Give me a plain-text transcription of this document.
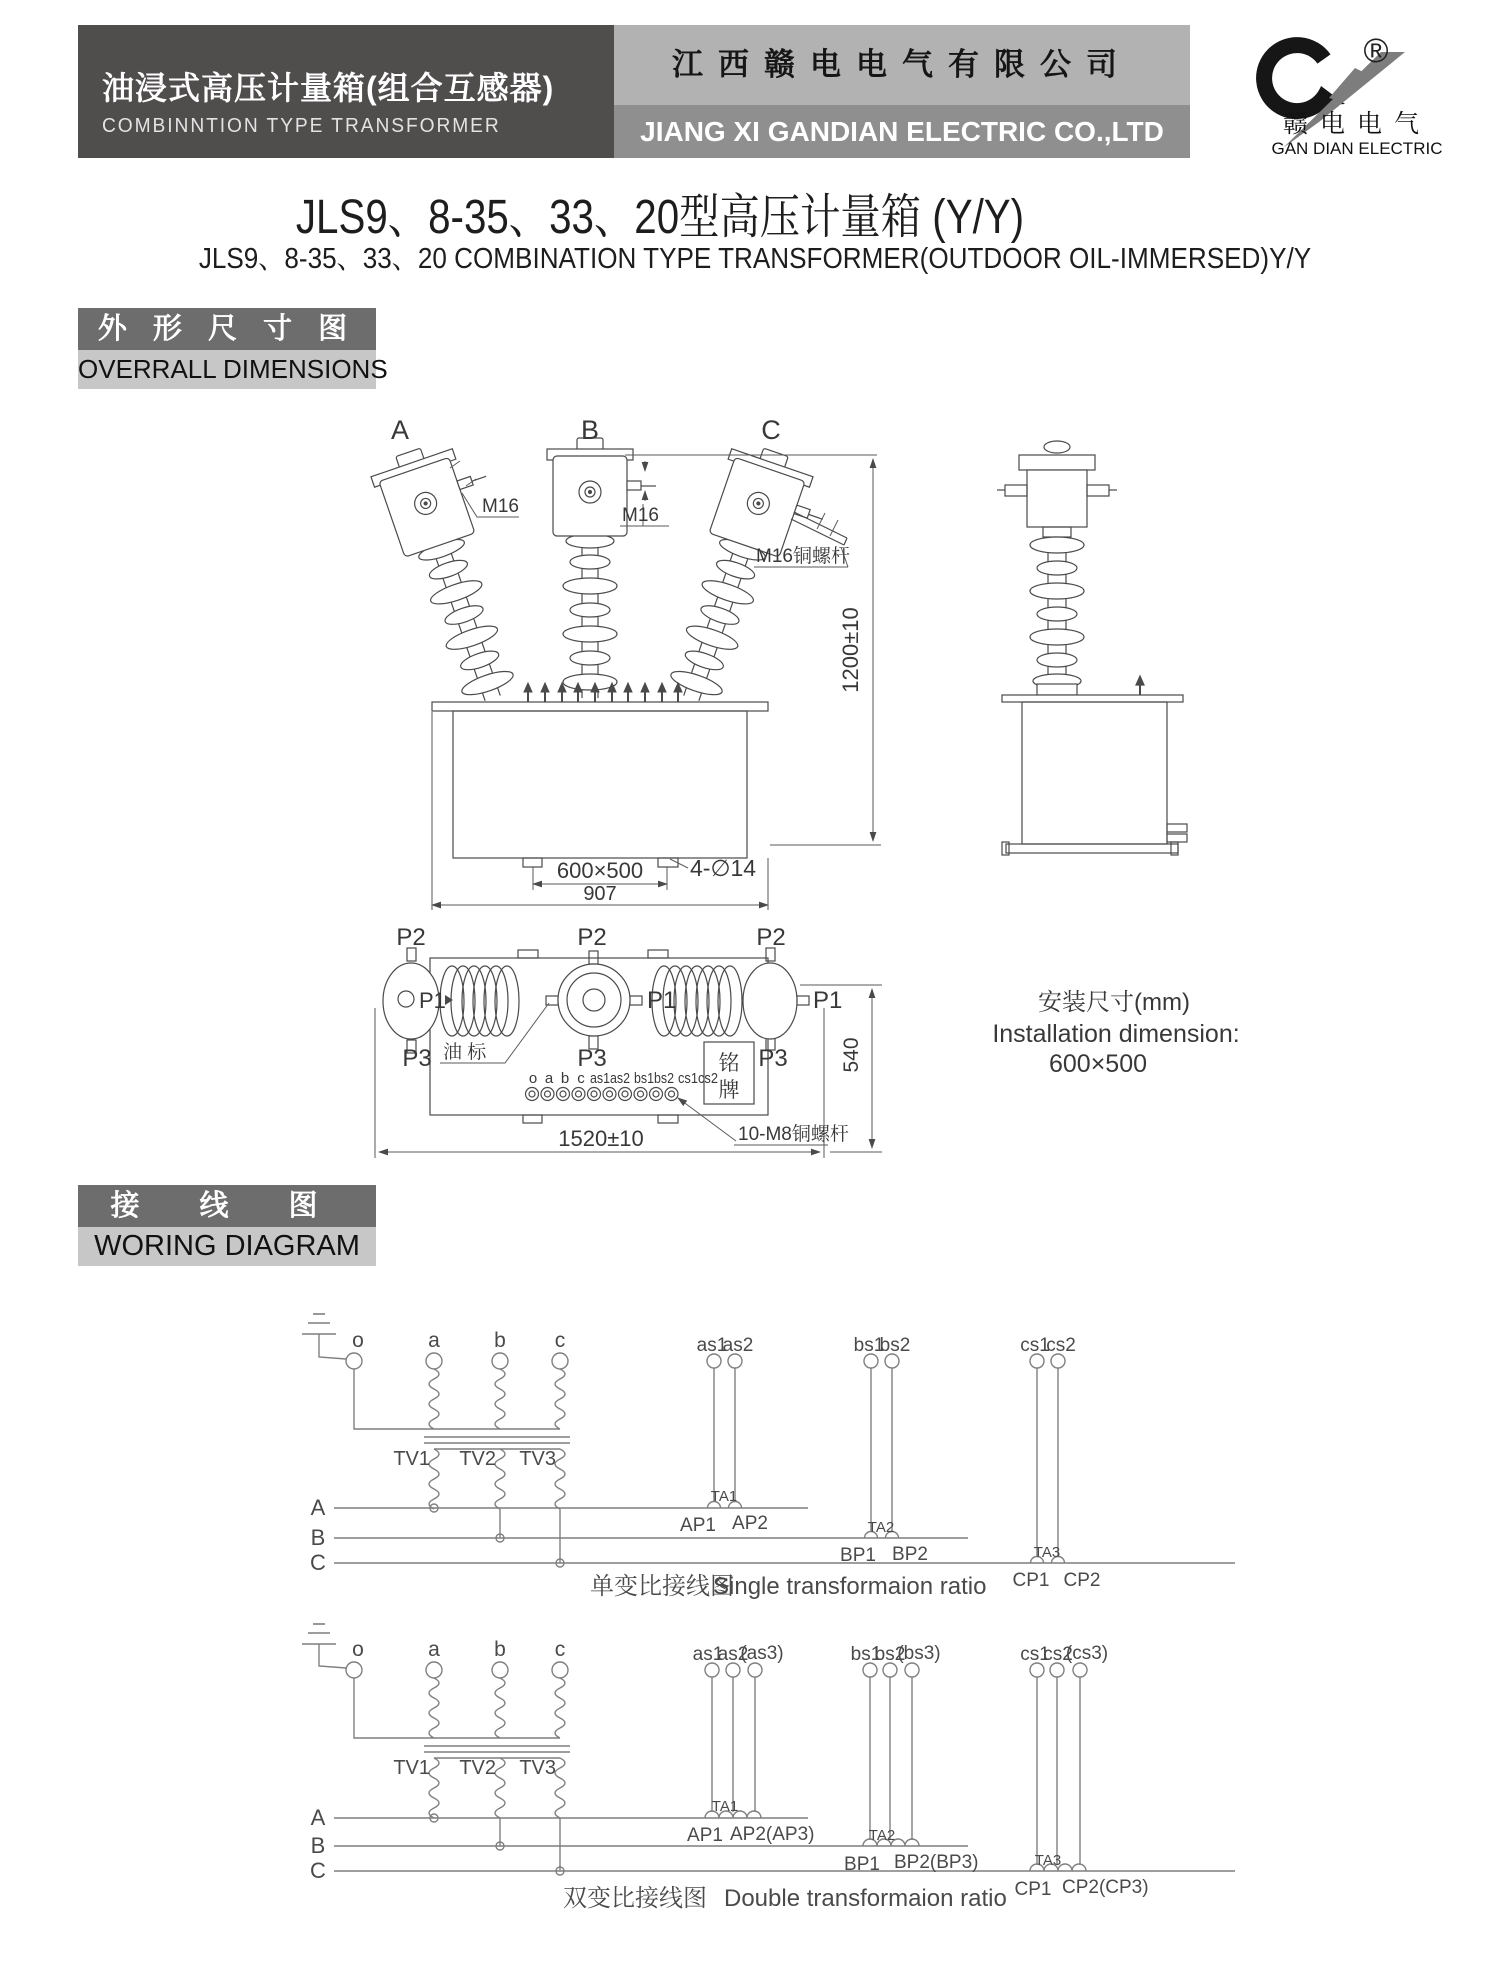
油浸式高压计量箱(组合互感器)
COMBINNTION TYPE TRANSFORMER
江西赣电电气有限公司
JIANG XI GANDIAN ELECTRIC CO.,LTD
®
赣电电气
GAN DIAN ELECTRIC
JLS9、8-35、33、20型高压计量箱 (Y/Y)
JLS9、8-35、33、20 COMBINATION TYPE TRANSFORMER(OUTDOOR OIL-IMMERSED)Y/Y
外 形 尺 寸 图
OVERRALL DIMENSIONS
接 线 图
WORING DIAGRAM
A	B	C
M16	M16
M16铜螺杆
1200±10
600×500
907
4-∅14
P2	P2	P2
P1	P1	P1
P3	P3	P3
油 标	铭
牌
o a b c as1as2 bs1bs2 cs1cs2
540
1520±10	10-M8铜螺杆
安装尺寸(mm)
Installation dimension:
600×500
o	a	b c
TV1 TV2 TV3
A
B
C
as1
as2
TA1
AP1 AP2
bs1
bs2
TA2
BP1 BP2
cs1
cs2
TA3
CP1 CP2
单变比接线图
Single transformaion ratio
o	a	b c
TV1 TV2 TV3
A
B
C
as1
as2
(as3)
TA1
AP1 AP2(AP3)
bs1
bs2
(bs3)
TA2
BP1 BP2(BP3)
cs1
cs2
(cs3)
TA3
CP1 CP2(CP3)
双变比接线图 Double transformaion ratio
